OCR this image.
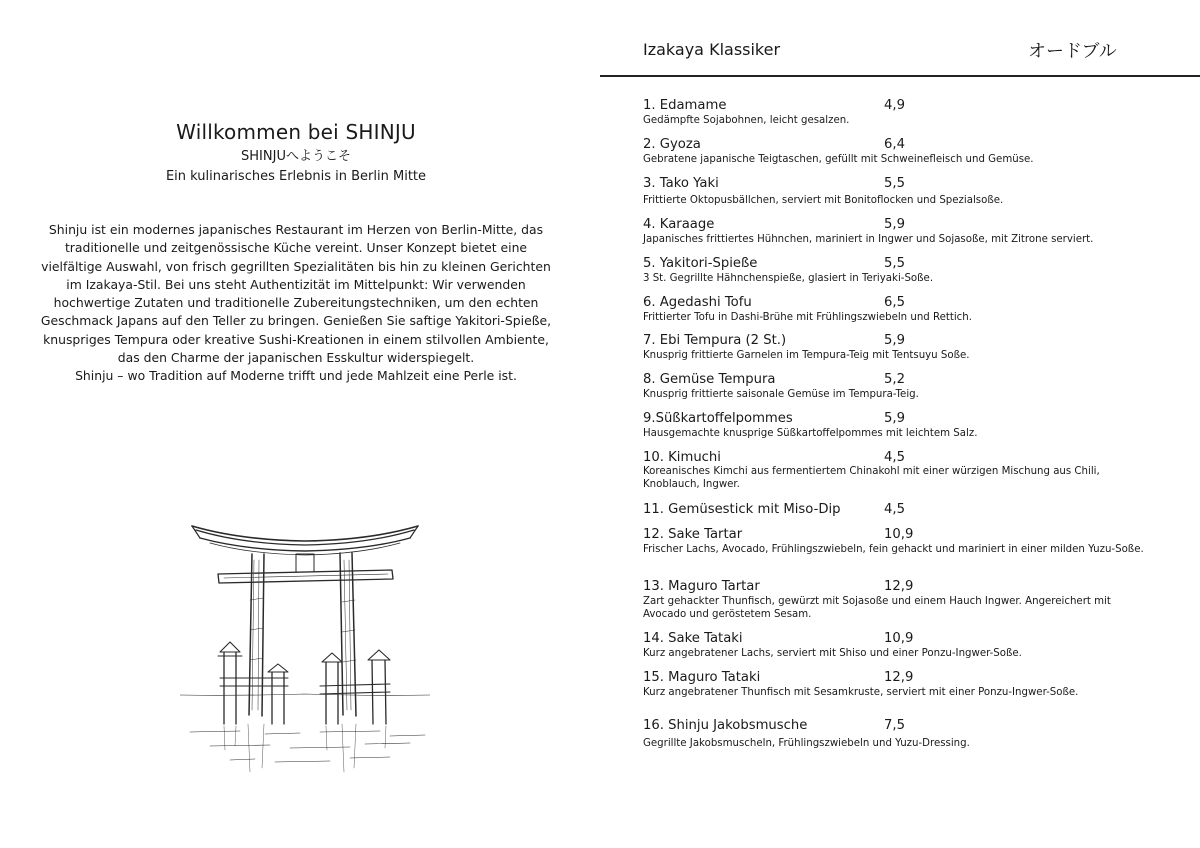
Willkommen bei SHINJU
SHINJUへようこそ
Ein kulinarisches Erlebnis in Berlin Mitte

Shinju ist ein modernes japanisches Restaurant im Herzen von Berlin-Mitte, das

traditionelle und zeitgenössische Küche vereint. Unser Konzept bietet eine

vielfältige Auswahl, von frisch gegrillten Spezialitäten bis hin zu kleinen Gerichten

im Izakaya-Stil. Bei uns steht Authentizität im Mittelpunkt: Wir verwenden

hochwertige Zutaten und traditionelle Zubereitungstechniken, um den echten

Geschmack Japans auf den Teller zu bringen. Genießen Sie saftige Yakitori-Spieße,

knuspriges Tempura oder kreative Sushi-Kreationen in einem stilvollen Ambiente,

das den Charme der japanischen Esskultur widerspiegelt.

Shinju – wo Tradition auf Moderne trifft und jede Mahlzeit eine Perle ist.

Izakaya Klassiker	オードブル
1. Edamame	4,9
Gedämpfte Sojabohnen, leicht gesalzen.
2. Gyoza	6,4
Gebratene japanische Teigtaschen, gefüllt mit Schweinefleisch und Gemüse.
3. Tako Yaki	5,5
Frittierte Oktopusbällchen, serviert mit Bonitoflocken und Spezialsoße.
4. Karaage	5,9
Japanisches frittiertes Hühnchen, mariniert in Ingwer und Sojasoße, mit Zitrone serviert.
5. Yakitori-Spieße	5,5
3 St. Gegrillte Hähnchenspieße, glasiert in Teriyaki-Soße.
6. Agedashi Tofu	6,5
Frittierter Tofu in Dashi-Brühe mit Frühlingszwiebeln und Rettich.
7. Ebi Tempura (2 St.)	5,9
Knusprig frittierte Garnelen im Tempura-Teig mit Tentsuyu Soße.
8. Gemüse Tempura	5,2
Knusprig frittierte saisonale Gemüse im Tempura-Teig.
9.Süßkartoffelpommes	5,9
Hausgemachte knusprige Süßkartoffelpommes mit leichtem Salz.
10. Kimuchi	4,5
Koreanisches Kimchi aus fermentiertem Chinakohl mit einer würzigen Mischung aus Chili, Knoblauch, Ingwer.
11. Gemüsestick mit Miso-Dip	4,5
12. Sake Tartar	10,9
Frischer Lachs, Avocado, Frühlingszwiebeln, fein gehackt und mariniert in einer milden Yuzu-Soße.
13. Maguro Tartar	12,9
Zart gehackter Thunfisch, gewürzt mit Sojasoße und einem Hauch Ingwer. Angereichert mit Avocado und geröstetem Sesam.
14. Sake Tataki	10,9
Kurz angebratener Lachs, serviert mit Shiso und einer Ponzu-Ingwer-Soße.
15. Maguro Tataki	12,9
Kurz angebratener Thunfisch mit Sesamkruste, serviert mit einer Ponzu-Ingwer-Soße.
16. Shinju Jakobsmusche	7,5
Gegrillte Jakobsmuscheln, Frühlingszwiebeln und Yuzu-Dressing.
